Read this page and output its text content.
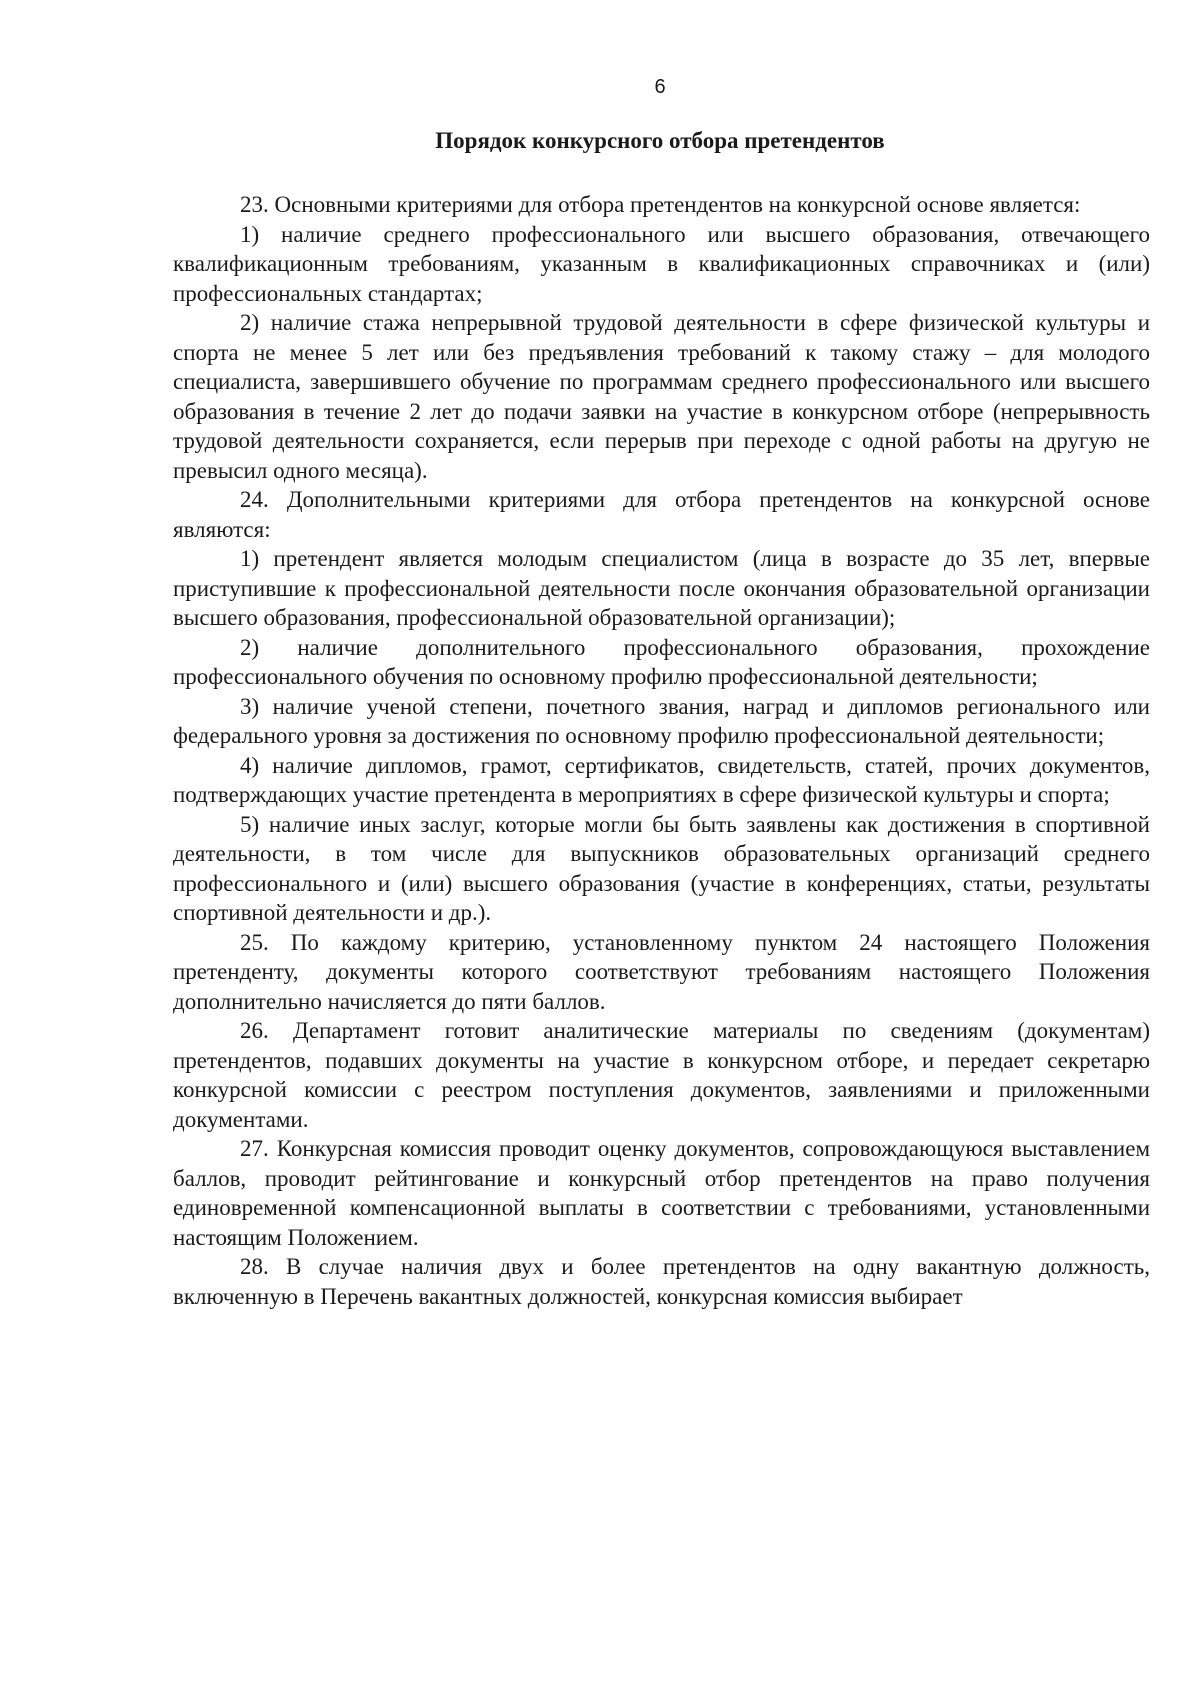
6
Порядок конкурсного отбора претендентов

23. Основными критериями для отбора претендентов на конкурсной основе является:

1) наличие среднего профессионального или высшего образования, отвечающего квалификационным требованиям, указанным в квалификационных справочниках и (или) профессиональных стандартах;

2) наличие стажа непрерывной трудовой деятельности в сфере физической культуры и спорта не менее 5 лет или без предъявления требований к такому стажу – для молодого специалиста, завершившего обучение по программам среднего профессионального или высшего образования в течение 2 лет до подачи заявки на участие в конкурсном отборе (непрерывность трудовой деятельности сохраняется, если перерыв при переходе с одной работы на другую не превысил одного месяца).

24. Дополнительными критериями для отбора претендентов на конкурсной основе являются:

1) претендент является молодым специалистом (лица в возрасте до 35 лет, впервые приступившие к профессиональной деятельности после окончания образовательной организации высшего образования, профессиональной образовательной организации);

2) наличие дополнительного профессионального образования, прохождение профессионального обучения по основному профилю профессиональной деятельности;

3) наличие ученой степени, почетного звания, наград и дипломов регионального или федерального уровня за достижения по основному профилю профессиональной деятельности;

4) наличие дипломов, грамот, сертификатов, свидетельств, статей, прочих документов, подтверждающих участие претендента в мероприятиях в сфере физической культуры и спорта;

5) наличие иных заслуг, которые могли бы быть заявлены как достижения в спортивной деятельности, в том числе для выпускников образовательных организаций среднего профессионального и (или) высшего образования (участие в конференциях, статьи, результаты спортивной деятельности и др.).

25. По каждому критерию, установленному пунктом 24 настоящего Положения претенденту, документы которого соответствуют требованиям настоящего Положения дополнительно начисляется до пяти баллов.

26. Департамент готовит аналитические материалы по сведениям (документам) претендентов, подавших документы на участие в конкурсном отборе, и передает секретарю конкурсной комиссии с реестром поступления документов, заявлениями и приложенными документами.

27. Конкурсная комиссия проводит оценку документов, сопровождающуюся выставлением баллов, проводит рейтингование и конкурсный отбор претендентов на право получения единовременной компенсационной выплаты в соответствии с требованиями, установленными настоящим Положением.

28. В случае наличия двух и более претендентов на одну вакантную должность, включенную в Перечень вакантных должностей, конкурсная комиссия выбирает
